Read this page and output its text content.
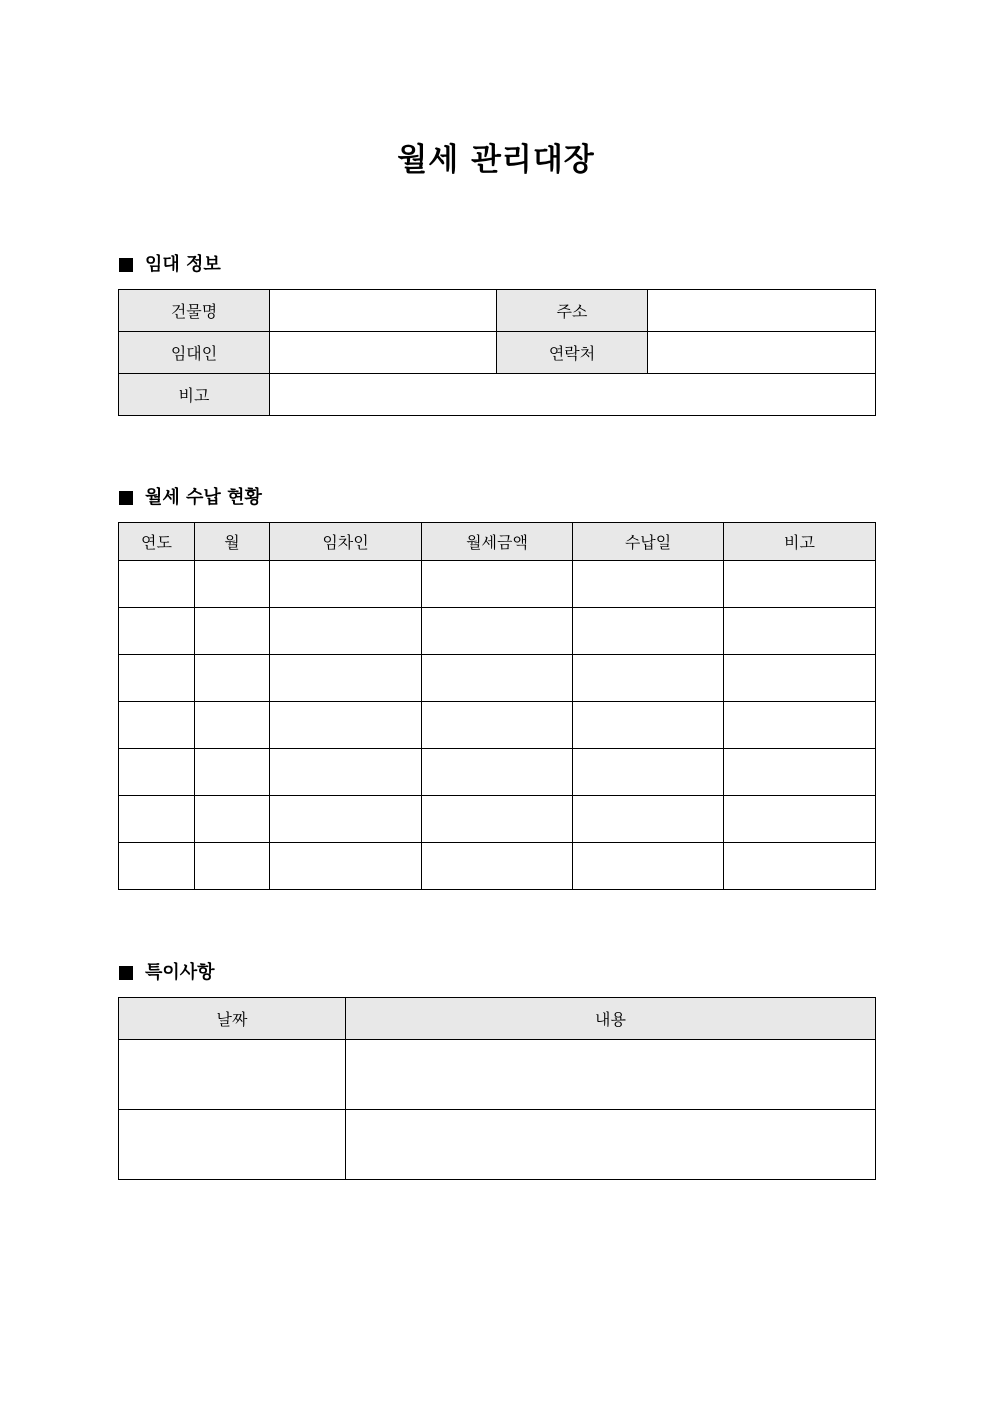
월세 관리대장
임대 정보
건물명		주소	
임대인		연락처	
비고			
월세 수납 현황
연도	월	임차인	월세금액	수납일	비고

특이사항
날짜	내용
